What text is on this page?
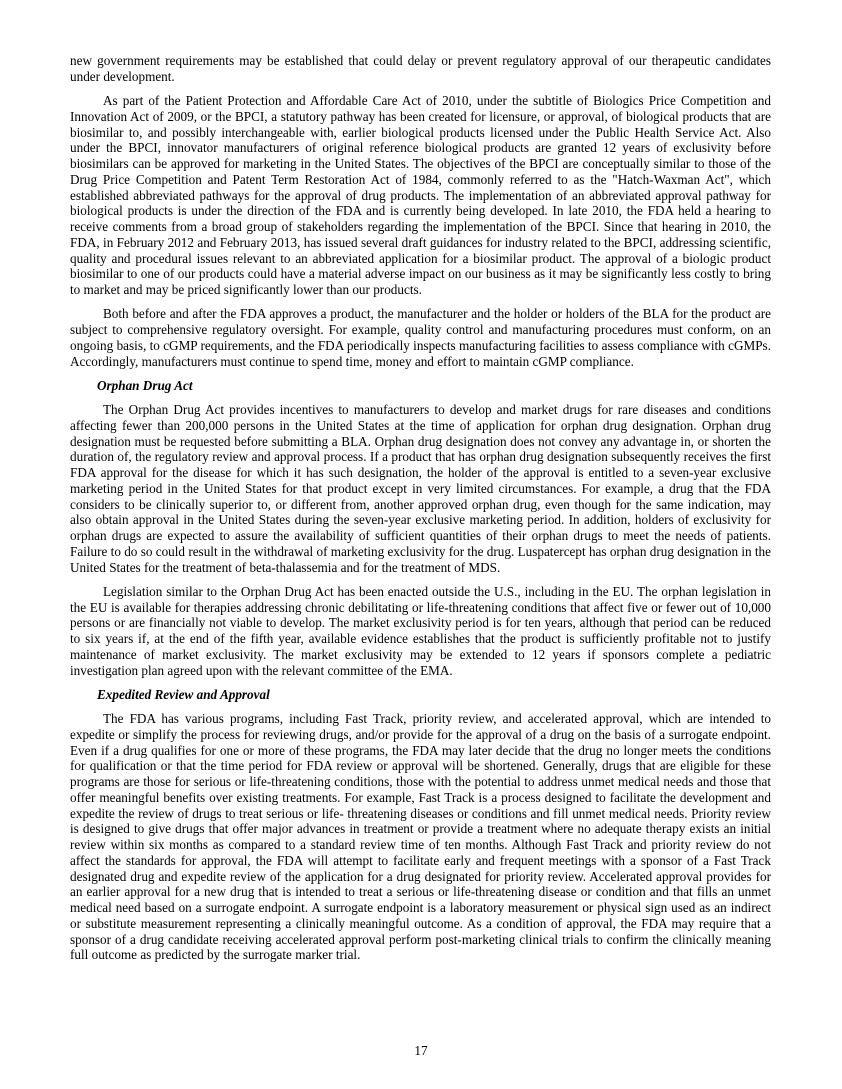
new government requirements may be established that could delay or prevent regulatory approval of our therapeutic candidates under development.

As part of the Patient Protection and Affordable Care Act of 2010, under the subtitle of Biologics Price Competition and Innovation Act of 2009, or the BPCI, a statutory pathway has been created for licensure, or approval, of biological products that are biosimilar to, and possibly interchangeable with, earlier biological products licensed under the Public Health Service Act. Also under the BPCI, innovator manufacturers of original reference biological products are granted 12 years of exclusivity before biosimilars can be approved for marketing in the United States. The objectives of the BPCI are conceptually similar to those of the Drug Price Competition and Patent Term Restoration Act of 1984, commonly referred to as the "Hatch-Waxman Act", which established abbreviated pathways for the approval of drug products. The implementation of an abbreviated approval pathway for biological products is under the direction of the FDA and is currently being developed. In late 2010, the FDA held a hearing to receive comments from a broad group of stakeholders regarding the implementation of the BPCI. Since that hearing in 2010, the FDA, in February 2012 and February 2013, has issued several draft guidances for industry related to the BPCI, addressing scientific, quality and procedural issues relevant to an abbreviated application for a biosimilar product. The approval of a biologic product biosimilar to one of our products could have a material adverse impact on our business as it may be significantly less costly to bring to market and may be priced significantly lower than our products.

Both before and after the FDA approves a product, the manufacturer and the holder or holders of the BLA for the product are subject to comprehensive regulatory oversight. For example, quality control and manufacturing procedures must conform, on an ongoing basis, to cGMP requirements, and the FDA periodically inspects manufacturing facilities to assess compliance with cGMPs. Accordingly, manufacturers must continue to spend time, money and effort to maintain cGMP compliance.

Orphan Drug Act

The Orphan Drug Act provides incentives to manufacturers to develop and market drugs for rare diseases and conditions affecting fewer than 200,000 persons in the United States at the time of application for orphan drug designation. Orphan drug designation must be requested before submitting a BLA. Orphan drug designation does not convey any advantage in, or shorten the duration of, the regulatory review and approval process. If a product that has orphan drug designation subsequently receives the first FDA approval for the disease for which it has such designation, the holder of the approval is entitled to a seven-year exclusive marketing period in the United States for that product except in very limited circumstances. For example, a drug that the FDA considers to be clinically superior to, or different from, another approved orphan drug, even though for the same indication, may also obtain approval in the United States during the seven-year exclusive marketing period. In addition, holders of exclusivity for orphan drugs are expected to assure the availability of sufficient quantities of their orphan drugs to meet the needs of patients. Failure to do so could result in the withdrawal of marketing exclusivity for the drug. Luspatercept has orphan drug designation in the United States for the treatment of beta-thalassemia and for the treatment of MDS.

Legislation similar to the Orphan Drug Act has been enacted outside the U.S., including in the EU. The orphan legislation in the EU is available for therapies addressing chronic debilitating or life-threatening conditions that affect five or fewer out of 10,000 persons or are financially not viable to develop. The market exclusivity period is for ten years, although that period can be reduced to six years if, at the end of the fifth year, available evidence establishes that the product is sufficiently profitable not to justify maintenance of market exclusivity. The market exclusivity may be extended to 12 years if sponsors complete a pediatric investigation plan agreed upon with the relevant committee of the EMA.

Expedited Review and Approval

The FDA has various programs, including Fast Track, priority review, and accelerated approval, which are intended to expedite or simplify the process for reviewing drugs, and/or provide for the approval of a drug on the basis of a surrogate endpoint. Even if a drug qualifies for one or more of these programs, the FDA may later decide that the drug no longer meets the conditions for qualification or that the time period for FDA review or approval will be shortened. Generally, drugs that are eligible for these programs are those for serious or life-threatening conditions, those with the potential to address unmet medical needs and those that offer meaningful benefits over existing treatments. For example, Fast Track is a process designed to facilitate the development and expedite the review of drugs to treat serious or life- threatening diseases or conditions and fill unmet medical needs. Priority review is designed to give drugs that offer major advances in treatment or provide a treatment where no adequate therapy exists an initial review within six months as compared to a standard review time of ten months. Although Fast Track and priority review do not affect the standards for approval, the FDA will attempt to facilitate early and frequent meetings with a sponsor of a Fast Track designated drug and expedite review of the application for a drug designated for priority review. Accelerated approval provides for an earlier approval for a new drug that is intended to treat a serious or life-threatening disease or condition and that fills an unmet medical need based on a surrogate endpoint. A surrogate endpoint is a laboratory measurement or physical sign used as an indirect or substitute measurement representing a clinically meaningful outcome. As a condition of approval, the FDA may require that a sponsor of a drug candidate receiving accelerated approval perform post-marketing clinical trials to confirm the clinically meaning full outcome as predicted by the surrogate marker trial.

17
